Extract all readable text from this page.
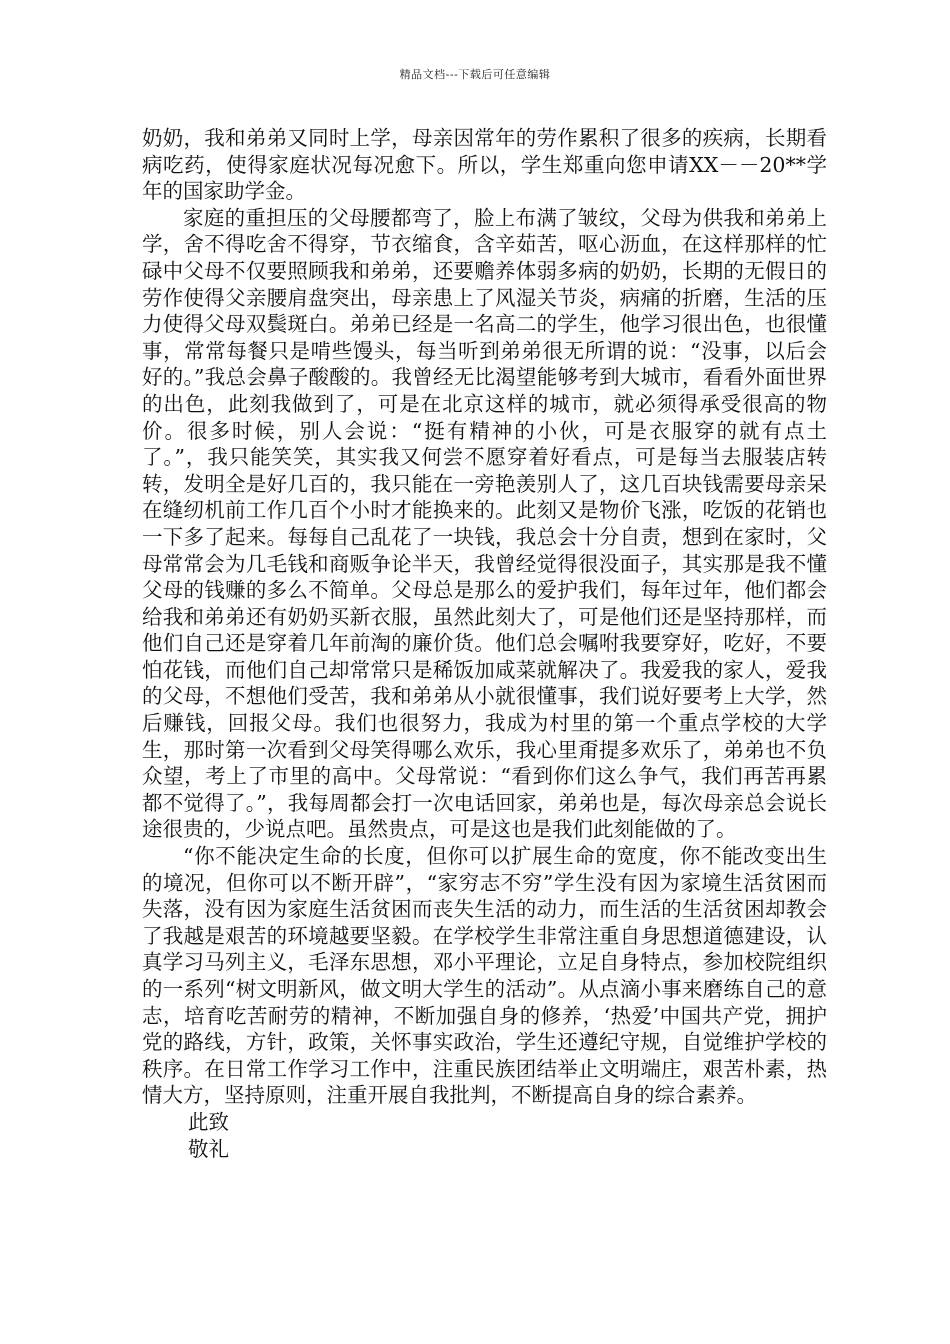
精品文档---下载后可任意编辑

奶奶，我和弟弟又同时上学，母亲因常年的劳作累积了很多的疾病，长期看病吃药，使得家庭状况每况愈下。所以，学生郑重向您申请XX－－20**学年的国家助学金。

家庭的重担压的父母腰都弯了，脸上布满了皱纹，父母为供我和弟弟上学，舍不得吃舍不得穿，节衣缩食，含辛茹苦，呕心沥血，在这样那样的忙碌中父母不仅要照顾我和弟弟，还要赡养体弱多病的奶奶，长期的无假日的劳作使得父亲腰肩盘突出，母亲患上了风湿关节炎，病痛的折磨，生活的压力使得父母双鬓斑白。弟弟已经是一名高二的学生，他学习很出色，也很懂事，常常每餐只是啃些馒头，每当听到弟弟很无所谓的说：“没事，以后会好的。”我总会鼻子酸酸的。我曾经无比渴望能够考到大城市，看看外面世界的出色，此刻我做到了，可是在北京这样的城市，就必须得承受很高的物价。很多时候，别人会说：“挺有精神的小伙，可是衣服穿的就有点土了。”，我只能笑笑，其实我又何尝不愿穿着好看点，可是每当去服装店转转，发明全是好几百的，我只能在一旁艳羡别人了，这几百块钱需要母亲呆在缝纫机前工作几百个小时才能换来的。此刻又是物价飞涨，吃饭的花销也一下多了起来。每每自己乱花了一块钱，我总会十分自责，想到在家时，父母常常会为几毛钱和商贩争论半天，我曾经觉得很没面子，其实那是我不懂父母的钱赚的多么不简单。父母总是那么的爱护我们，每年过年，他们都会给我和弟弟还有奶奶买新衣服，虽然此刻大了，可是他们还是坚持那样，而他们自己还是穿着几年前淘的廉价货。他们总会嘱咐我要穿好，吃好，不要怕花钱，而他们自己却常常只是稀饭加咸菜就解决了。我爱我的家人，爱我的父母，不想他们受苦，我和弟弟从小就很懂事，我们说好要考上大学，然后赚钱，回报父母。我们也很努力，我成为村里的第一个重点学校的大学生，那时第一次看到父母笑得哪么欢乐，我心里甭提多欢乐了，弟弟也不负众望，考上了市里的高中。父母常说：“看到你们这么争气，我们再苦再累都不觉得了。”，我每周都会打一次电话回家，弟弟也是，每次母亲总会说长途很贵的，少说点吧。虽然贵点，可是这也是我们此刻能做的了。

“你不能决定生命的长度，但你可以扩展生命的宽度，你不能改变出生的境况，但你可以不断开辟”，“家穷志不穷”学生没有因为家境生活贫困而失落，没有因为家庭生活贫困而丧失生活的动力，而生活的生活贫困却教会了我越是艰苦的环境越要坚毅。在学校学生非常注重自身思想道德建设，认真学习马列主义，毛泽东思想，邓小平理论，立足自身特点，参加校院组织的一系列“树文明新风，做文明大学生的活动”。从点滴小事来磨练自己的意志，培育吃苦耐劳的精神，不断加强自身的修养，‘热爱’中国共产党，拥护党的路线，方针，政策，关怀事实政治，学生还遵纪守规，自觉维护学校的秩序。在日常工作学习工作中，注重民族团结举止文明端庄，艰苦朴素，热情大方，坚持原则，注重开展自我批判，不断提高自身的综合素养。

此致

敬礼
